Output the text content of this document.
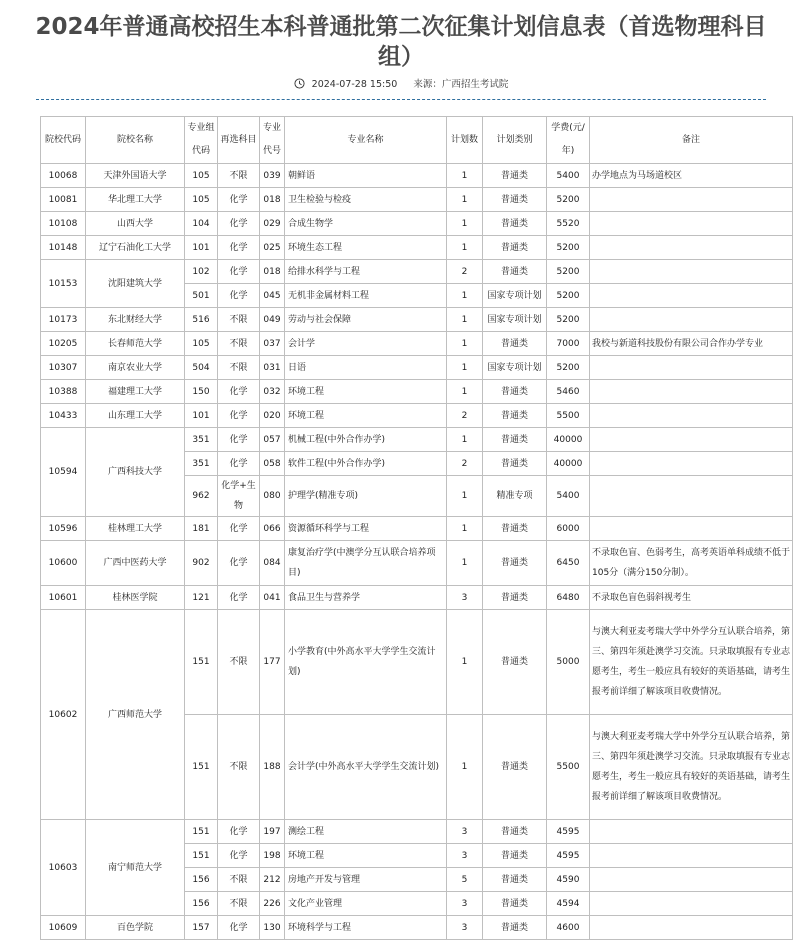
2024年普通高校招生本科普通批第二次征集计划信息表（首选物理科目组）
2024-07-28 15:50 来源：广西招生考试院
院校代码	院校名称	专业组代码	再选科目	专业代号	专业名称	计划数	计划类别	学费(元/年)	备注
10068	天津外国语大学	105	不限	039	朝鲜语	1	普通类	5400	办学地点为马场道校区
10081	华北理工大学	105	化学	018	卫生检验与检疫	1	普通类	5200	
10108	山西大学	104	化学	029	合成生物学	1	普通类	5520	
10148	辽宁石油化工大学	101	化学	025	环境生态工程	1	普通类	5200	
10153	沈阳建筑大学	102	化学	018	给排水科学与工程	2	普通类	5200	
		501	化学	045	无机非金属材料工程	1	国家专项计划	5200	
10173	东北财经大学	516	不限	049	劳动与社会保障	1	国家专项计划	5200	
10205	长春师范大学	105	不限	037	会计学	1	普通类	7000	我校与新道科技股份有限公司合作办学专业
10307	南京农业大学	504	不限	031	日语	1	国家专项计划	5200	
10388	福建理工大学	150	化学	032	环境工程	1	普通类	5460	
10433	山东理工大学	101	化学	020	环境工程	2	普通类	5500	
10594	广西科技大学	351	化学	057	机械工程(中外合作办学)	1	普通类	40000	
		351	化学	058	软件工程(中外合作办学)	2	普通类	40000	
		962	化学+生物	080	护理学(精准专项)	1	精准专项	5400	
10596	桂林理工大学	181	化学	066	资源循环科学与工程	1	普通类	6000	
10600	广西中医药大学	902	化学	084	康复治疗学(中澳学分互认联合培养项目)	1	普通类	6450	不录取色盲、色弱考生，高考英语单科成绩不低于105分（满分150分制）。
10601	桂林医学院	121	化学	041	食品卫生与营养学	3	普通类	6480	不录取色盲色弱斜视考生
10602	广西师范大学	151	不限	177	小学教育(中外高水平大学学生交流计划)	1	普通类	5000	与澳大利亚麦考瑞大学中外学分互认联合培养，第三、第四年须赴澳学习交流。只录取填报有专业志愿考生，考生一般应具有较好的英语基础，请考生报考前详细了解该项目收费情况。
		151	不限	188	会计学(中外高水平大学学生交流计划)	1	普通类	5500	与澳大利亚麦考瑞大学中外学分互认联合培养，第三、第四年须赴澳学习交流。只录取填报有专业志愿考生，考生一般应具有较好的英语基础，请考生报考前详细了解该项目收费情况。
10603	南宁师范大学	151	化学	197	测绘工程	3	普通类	4595	
		151	化学	198	环境工程	3	普通类	4595	
		156	不限	212	房地产开发与管理	5	普通类	4590	
		156	不限	226	文化产业管理	3	普通类	4594	
10609	百色学院	157	化学	130	环境科学与工程	3	普通类	4600	
